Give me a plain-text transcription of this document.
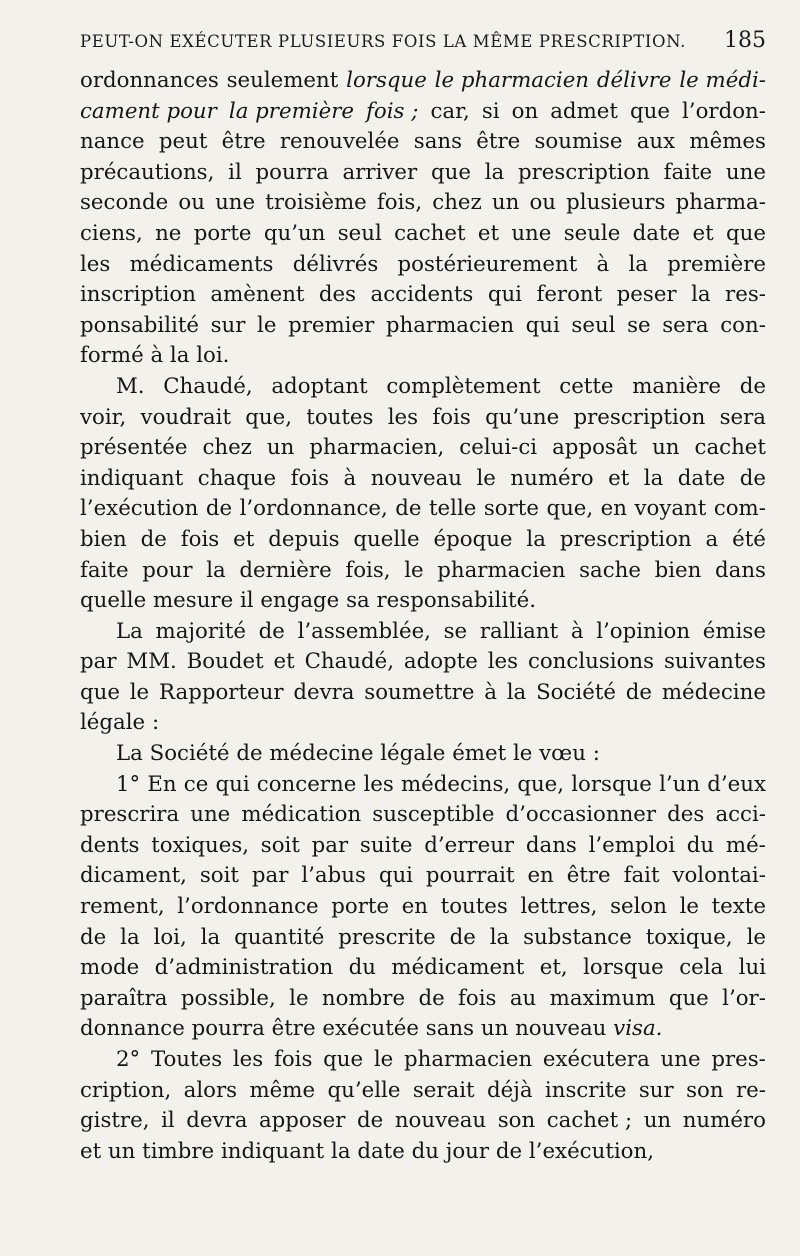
PEUT-ON EXÉCUTER PLUSIEURS FOIS LA MÊME PRESCRIPTION. 185
ordonnances seulement lorsque le pharmacien délivre le médi-
cament pour la première fois ; car, si on admet que l’ordon-
nance peut être renouvelée sans être soumise aux mêmes
précautions, il pourra arriver que la prescription faite une
seconde ou une troisième fois, chez un ou plusieurs pharma-
ciens, ne porte qu’un seul cachet et une seule date et que
les médicaments délivrés postérieurement à la première
inscription amènent des accidents qui feront peser la res-
ponsabilité sur le premier pharmacien qui seul se sera con-
formé à la loi.
M. Chaudé, adoptant complètement cette manière de
voir, voudrait que, toutes les fois qu’une prescription sera
présentée chez un pharmacien, celui-ci apposât un cachet
indiquant chaque fois à nouveau le numéro et la date de
l’exécution de l’ordonnance, de telle sorte que, en voyant com-
bien de fois et depuis quelle époque la prescription a été
faite pour la dernière fois, le pharmacien sache bien dans
quelle mesure il engage sa responsabilité.
La majorité de l’assemblée, se ralliant à l’opinion émise
par MM. Boudet et Chaudé, adopte les conclusions suivantes
que le Rapporteur devra soumettre à la Société de médecine
légale :
La Société de médecine légale émet le vœu :
1° En ce qui concerne les médecins, que, lorsque l’un d’eux
prescrira une médication susceptible d’occasionner des acci-
dents toxiques, soit par suite d’erreur dans l’emploi du mé-
dicament, soit par l’abus qui pourrait en être fait volontai-
rement, l’ordonnance porte en toutes lettres, selon le texte
de la loi, la quantité prescrite de la substance toxique, le
mode d’administration du médicament et, lorsque cela lui
paraîtra possible, le nombre de fois au maximum que l’or-
donnance pourra être exécutée sans un nouveau visa.
2° Toutes les fois que le pharmacien exécutera une pres-
cription, alors même qu’elle serait déjà inscrite sur son re-
gistre, il devra apposer de nouveau son cachet ; un numéro
et un timbre indiquant la date du jour de l’exécution,
